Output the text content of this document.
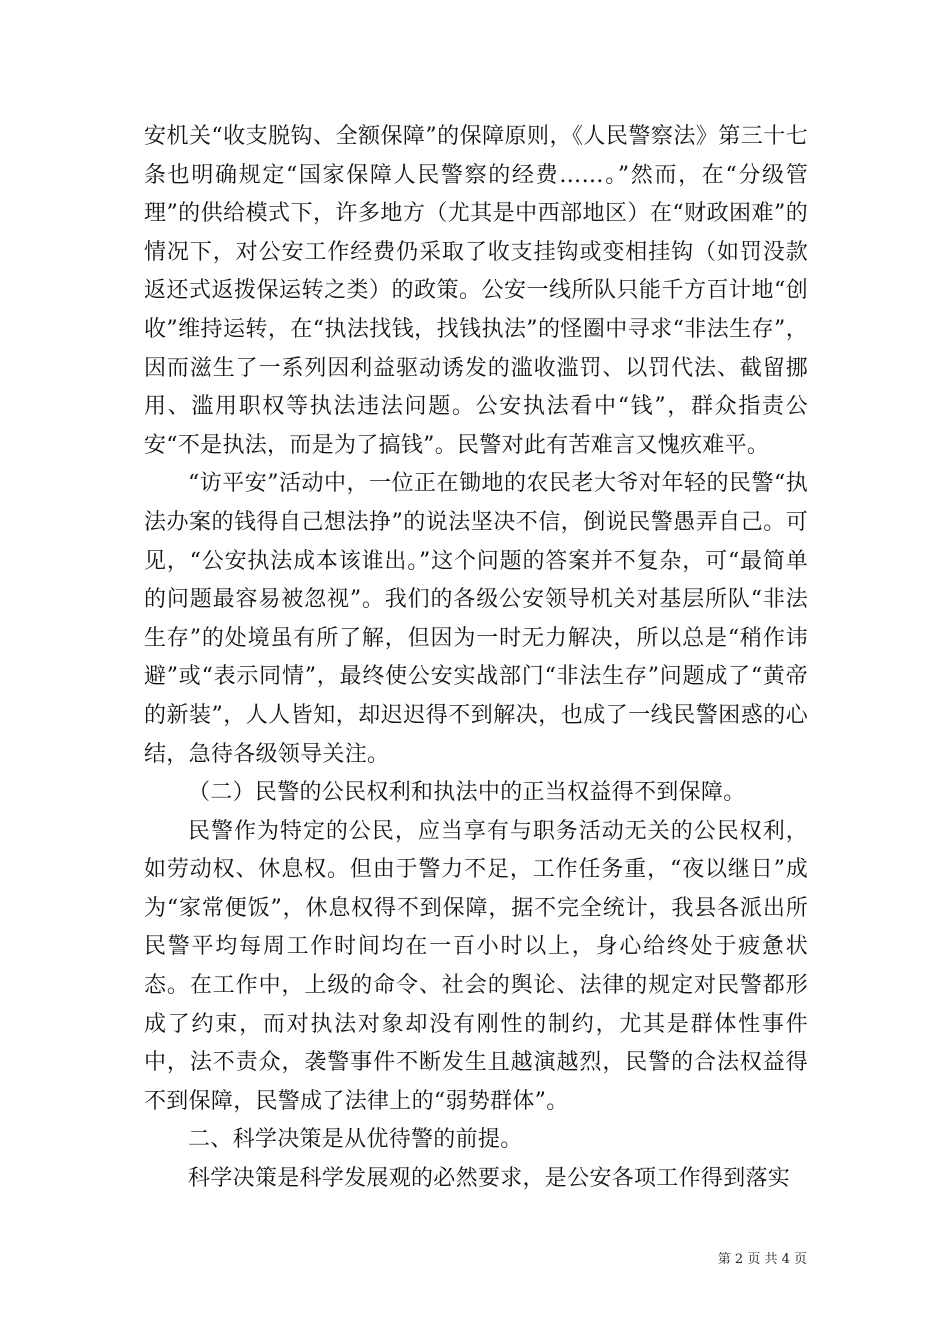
安机关“收支脱钩、全额保障”的保障原则，《人民警察法》第三十七条也明确规定“国家保障人民警察的经费……。”然而，在“分级管理”的供给模式下，许多地方（尤其是中西部地区）在“财政困难”的情况下，对公安工作经费仍采取了收支挂钩或变相挂钩（如罚没款返还式返拨保运转之类）的政策。公安一线所队只能千方百计地“创收”维持运转，在“执法找钱，找钱执法”的怪圈中寻求“非法生存”，因而滋生了一系列因利益驱动诱发的滥收滥罚、以罚代法、截留挪用、滥用职权等执法违法问题。公安执法看中“钱”，群众指责公安“不是执法，而是为了搞钱”。民警对此有苦难言又愧疚难平。

“访平安”活动中，一位正在锄地的农民老大爷对年轻的民警“执法办案的钱得自己想法挣”的说法坚决不信，倒说民警愚弄自己。可见，“公安执法成本该谁出。”这个问题的答案并不复杂，可“最简单的问题最容易被忽视”。我们的各级公安领导机关对基层所队“非法生存”的处境虽有所了解，但因为一时无力解决，所以总是“稍作讳避”或“表示同情”，最终使公安实战部门“非法生存”问题成了“黄帝的新装”，人人皆知，却迟迟得不到解决，也成了一线民警困惑的心结，急待各级领导关注。

（二）民警的公民权利和执法中的正当权益得不到保障。

民警作为特定的公民，应当享有与职务活动无关的公民权利，如劳动权、休息权。但由于警力不足，工作任务重，“夜以继日”成为“家常便饭”，休息权得不到保障，据不完全统计，我县各派出所民警平均每周工作时间均在一百小时以上，身心给终处于疲惫状态。在工作中，上级的命令、社会的舆论、法律的规定对民警都形成了约束，而对执法对象却没有刚性的制约，尤其是群体性事件中，法不责众，袭警事件不断发生且越演越烈，民警的合法权益得不到保障，民警成了法律上的“弱势群体”。

二、科学决策是从优待警的前提。

科学决策是科学发展观的必然要求，是公安各项工作得到落实

第 2 页 共 4 页
